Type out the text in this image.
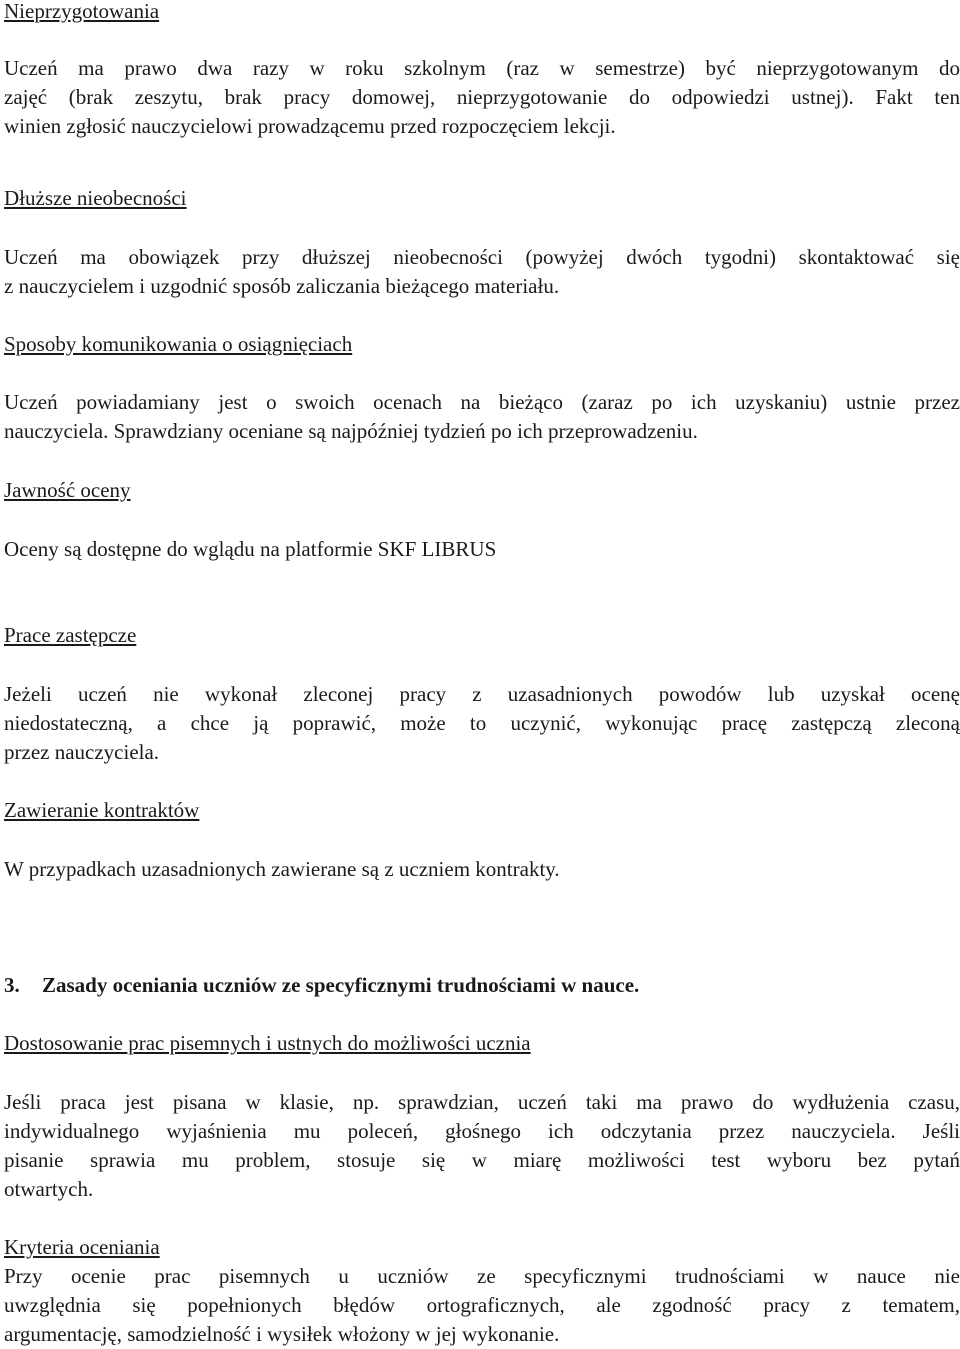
Nieprzygotowania
Uczeń ma prawo dwa razy w roku szkolnym (raz w semestrze) być nieprzygotowanym do
zajęć (brak zeszytu, brak pracy domowej, nieprzygotowanie do odpowiedzi ustnej). Fakt ten
winien zgłosić nauczycielowi prowadzącemu przed rozpoczęciem lekcji.
Dłuższe nieobecności
Uczeń ma obowiązek przy dłuższej nieobecności (powyżej dwóch tygodni) skontaktować się
z nauczycielem i uzgodnić sposób zaliczania bieżącego materiału.
Sposoby komunikowania o osiągnięciach
Uczeń powiadamiany jest o swoich ocenach na bieżąco (zaraz po ich uzyskaniu) ustnie przez
nauczyciela. Sprawdziany oceniane są najpóźniej tydzień po ich przeprowadzeniu.
Jawność oceny
Oceny są dostępne do wglądu na platformie SKF LIBRUS
Prace zastępcze
Jeżeli uczeń nie wykonał zleconej pracy z uzasadnionych powodów lub uzyskał ocenę
niedostateczną, a chce ją poprawić, może to uczynić, wykonując pracę zastępczą zleconą
przez nauczyciela.
Zawieranie kontraktów
W przypadkach uzasadnionych zawierane są z uczniem kontrakty.
3. Zasady oceniania uczniów ze specyficznymi trudnościami w nauce.
Dostosowanie prac pisemnych i ustnych do możliwości ucznia
Jeśli praca jest pisana w klasie, np. sprawdzian, uczeń taki ma prawo do wydłużenia czasu,
indywidualnego wyjaśnienia mu poleceń, głośnego ich odczytania przez nauczyciela. Jeśli
pisanie sprawia mu problem, stosuje się w miarę możliwości test wyboru bez pytań
otwartych.
Kryteria oceniania
Przy ocenie prac pisemnych u uczniów ze specyficznymi trudnościami w nauce nie
uwzględnia się popełnionych błędów ortograficznych, ale zgodność pracy z tematem,
argumentację, samodzielność i wysiłek włożony w jej wykonanie.
